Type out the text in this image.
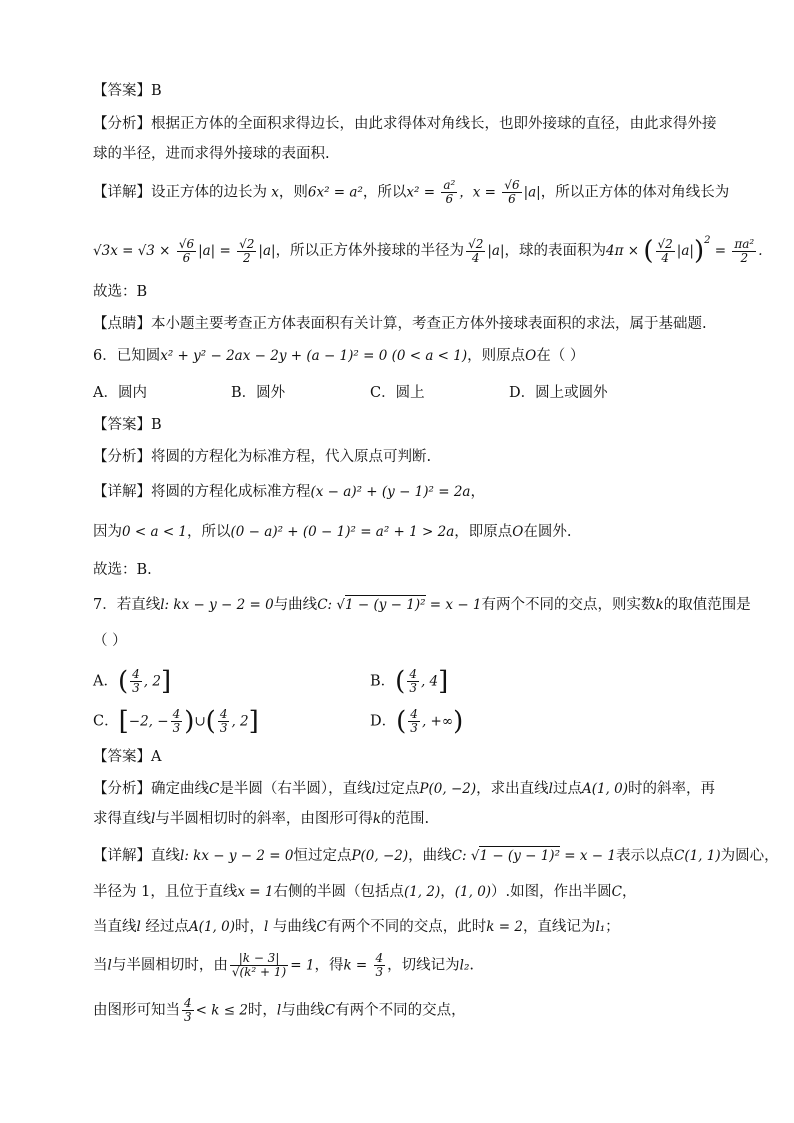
【答案】B
【分析】根据正方体的全面积求得边长，由此求得体对角线长，也即外接球的直径，由此求得外接
球的半径，进而求得外接球的表面积.
【详解】设正方体的边长为 x，则6x² = a²，所以$x^2 = \frac{\text{a²}}{6}$ ，$x = \frac{√6}{6} |a|$，所以正方体的体对角线长为
$√3x = √3 \times \frac{√6}{6} |a| = \frac{√2}{2} |a|$，所以正方体外接球的半径为 $\frac{√2}{4} |a|$，球的表面积为4π × ( $\frac{√2}{4} |a|)^2 = \frac{\text{πa²}}{2}$ .
故选：B
【点睛】本小题主要考查正方体表面积有关计算，考查正方体外接球表面积的求法，属于基础题.
6．已知圆x² + y² − 2ax − 2y + (a − 1)² = 0 (0 < a < 1)，则原点O在（ ）
A．圆内	B．圆外	C．圆上	D．圆上或圆外
【答案】B
【分析】将圆的方程化为标准方程，代入原点可判断.
【详解】将圆的方程化成标准方程(x − a)² + (y − 1)² = 2a，
因为0 < a < 1，所以(0 − a)² + (0 − 1)² = a² + 1 > 2a，即原点O在圆外.
故选：B.
7．若直线l: kx − y − 2 = 0与曲线C: √1 − (y − 1)² = x − 1有两个不同的交点，则实数k的取值范围是
（ ）
A．( $\frac{4}{3}$ , 2]	B．( $\frac{4}{3}$ , 4]
C．[−2, − $\frac{4}{3}$ )∪( $\frac{4}{3}$ , 2]	D．( $\frac{4}{3}$ , +∞)
【答案】A
【分析】确定曲线C是半圆（右半圆），直线l过定点P(0, −2)，求出直线l过点A(1, 0)时的斜率，再
求得直线l与半圆相切时的斜率，由图形可得k的范围.
【详解】直线l: kx − y − 2 = 0恒过定点P(0, −2)，曲线C: √1 − (y − 1)² = x − 1表示以点C(1, 1)为圆心，
半径为 1，且位于直线x = 1右侧的半圆（包括点(1, 2)，(1, 0)）.如图，作出半圆C，
当直线l 经过点A(1, 0)时，l 与曲线C有两个不同的交点，此时k = 2，直线记为l₁；
当l与半圆相切时，由 $\frac{|k - 3|}{\text{√(k² + 1)}} = 1$，得$k = \frac{4}{3}$ ，切线记为l₂.
由图形可知当 $\frac{4}{3} < k \le 2$时，l与曲线C有两个不同的交点，
